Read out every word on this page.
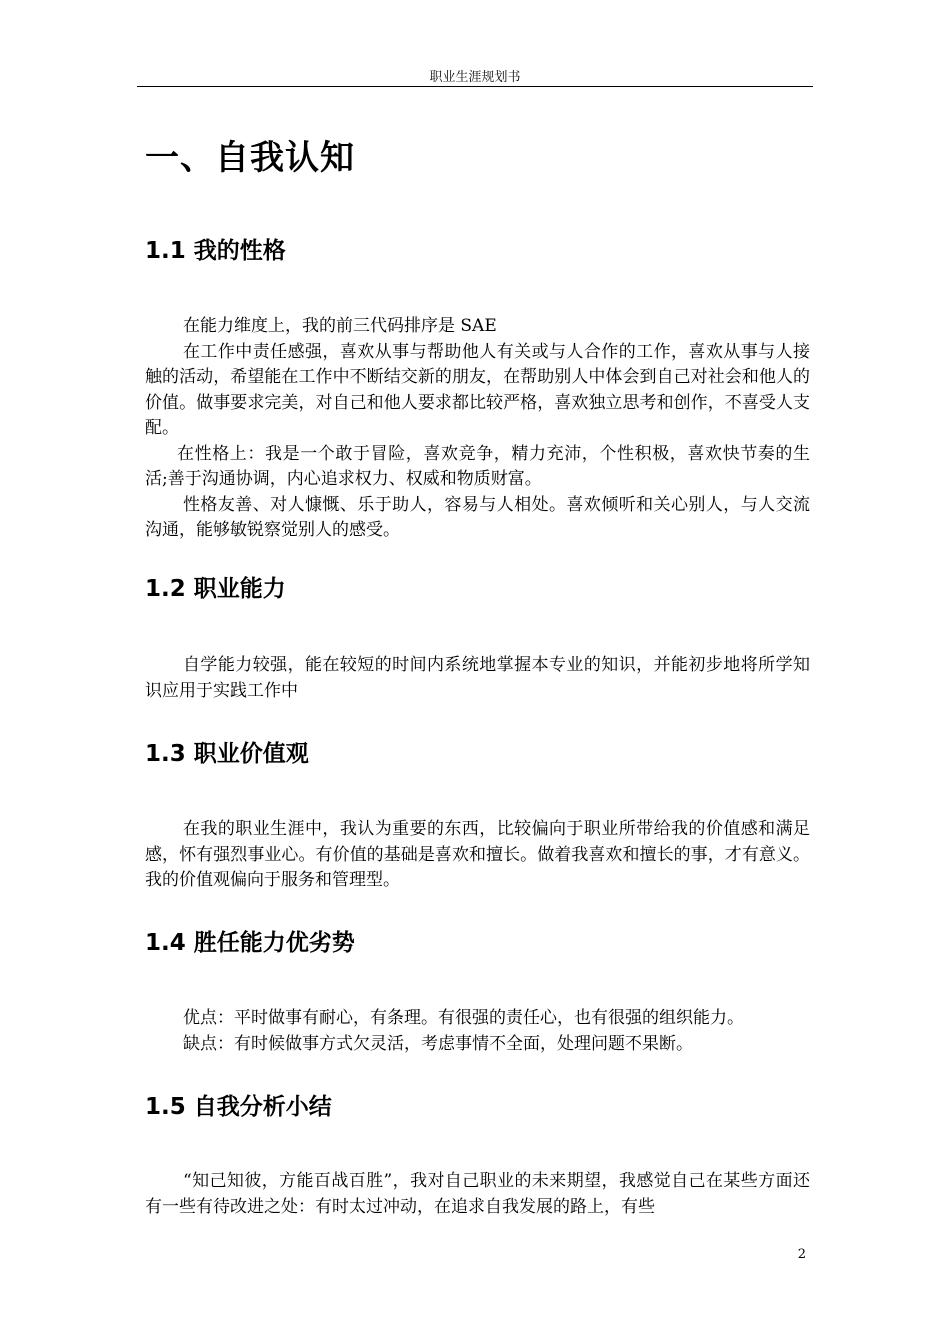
职业生涯规划书
一、自我认知
1.1 我的性格

在能力维度上，我的前三代码排序是 SAE

在工作中责任感强，喜欢从事与帮助他人有关或与人合作的工作，喜欢从事与人接触的活动，希望能在工作中不断结交新的朋友，在帮助别人中体会到自己对社会和他人的价值。做事要求完美，对自己和他人要求都比较严格，喜欢独立思考和创作，不喜受人支配。

在性格上：我是一个敢于冒险，喜欢竞争，精力充沛，个性积极，喜欢快节奏的生活;善于沟通协调，内心追求权力、权威和物质财富。

性格友善、对人慷慨、乐于助人，容易与人相处。喜欢倾听和关心别人，与人交流沟通，能够敏锐察觉别人的感受。

1.2 职业能力

自学能力较强，能在较短的时间内系统地掌握本专业的知识，并能初步地将所学知识应用于实践工作中

1.3 职业价值观

在我的职业生涯中，我认为重要的东西，比较偏向于职业所带给我的价值感和满足感，怀有强烈事业心。有价值的基础是喜欢和擅长。做着我喜欢和擅长的事，才有意义。我的价值观偏向于服务和管理型。

1.4 胜任能力优劣势

优点：平时做事有耐心，有条理。有很强的责任心，也有很强的组织能力。

缺点：有时候做事方式欠灵活，考虑事情不全面，处理问题不果断。

1.5 自我分析小结

“知己知彼，方能百战百胜”，我对自己职业的未来期望，我感觉自己在某些方面还有一些有待改进之处：有时太过冲动，在追求自我发展的路上，有些

2
